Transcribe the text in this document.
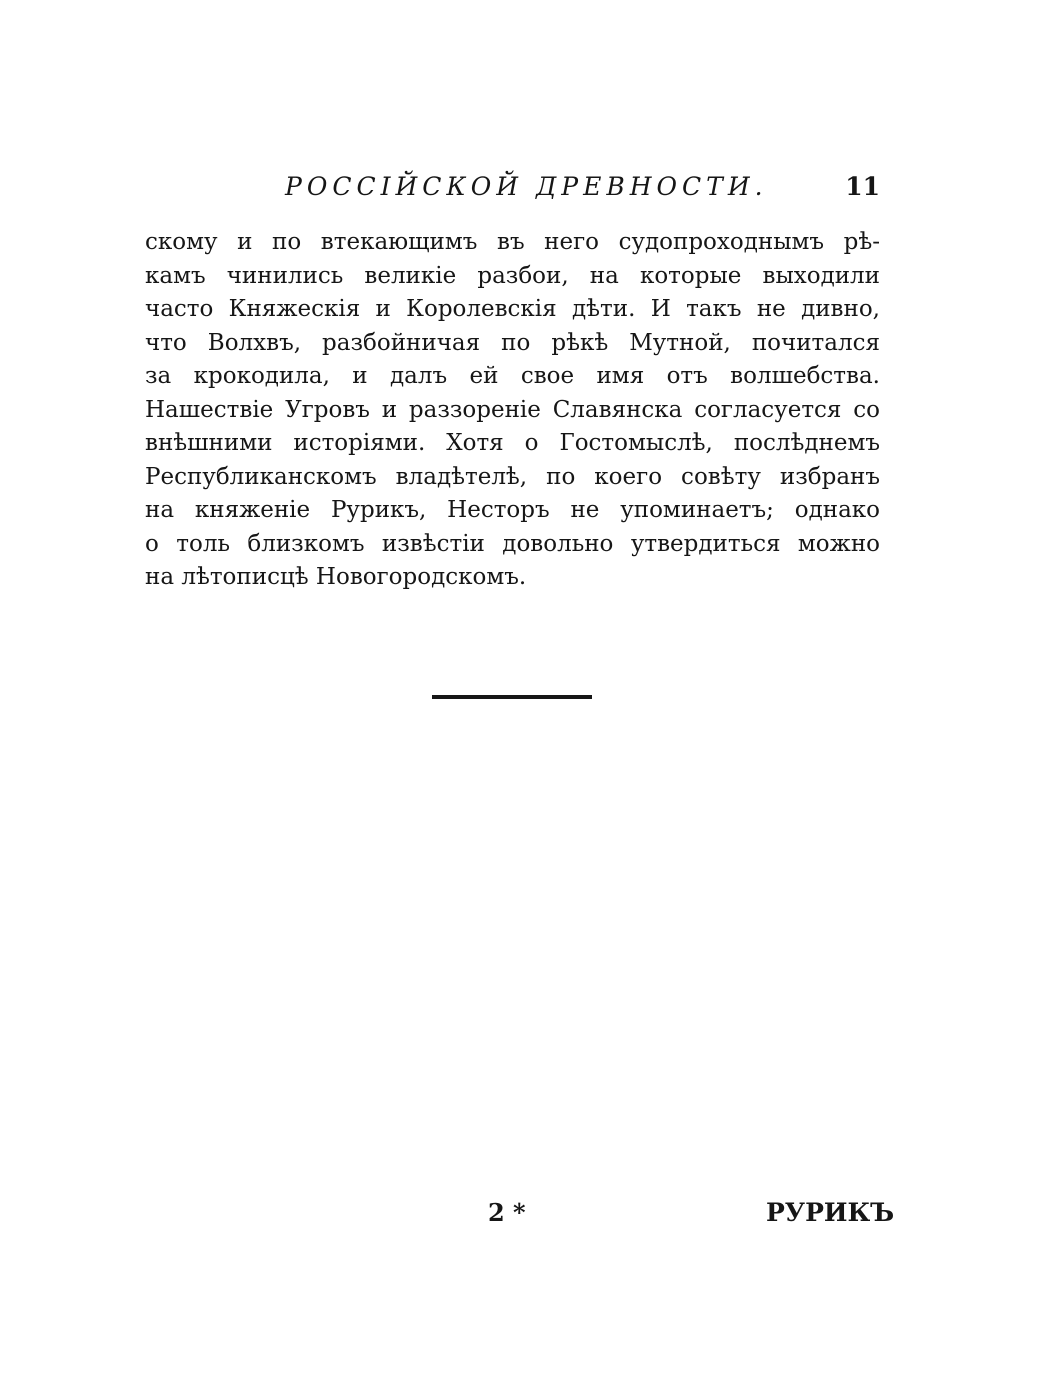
РОССІЙСКОЙ ДРЕВНОСТИ.	11
скому и по втекающимъ въ него судопроходнымъ рѣ-
камъ чинились великіе разбои, на которые выходили
часто Княжескія и Королевскія дѣти. И такъ не дивно,
что Волхвъ, разбойничая по рѣкѣ Мутной, почитался
за крокодила, и далъ ей свое имя отъ волшебства.
Нашествіе Угровъ и раззореніе Славянска согласуется со
внѣшними исторіями. Хотя о Гостомыслѣ, послѣднемъ
Республиканскомъ владѣтелѣ, по коего совѣту избранъ
на княженіе Рурикъ, Несторъ не упоминаетъ; однако
о толь близкомъ извѣстіи довольно утвердиться можно
на лѣтописцѣ Новогородскомъ.
2 *	РУРИКЪ
